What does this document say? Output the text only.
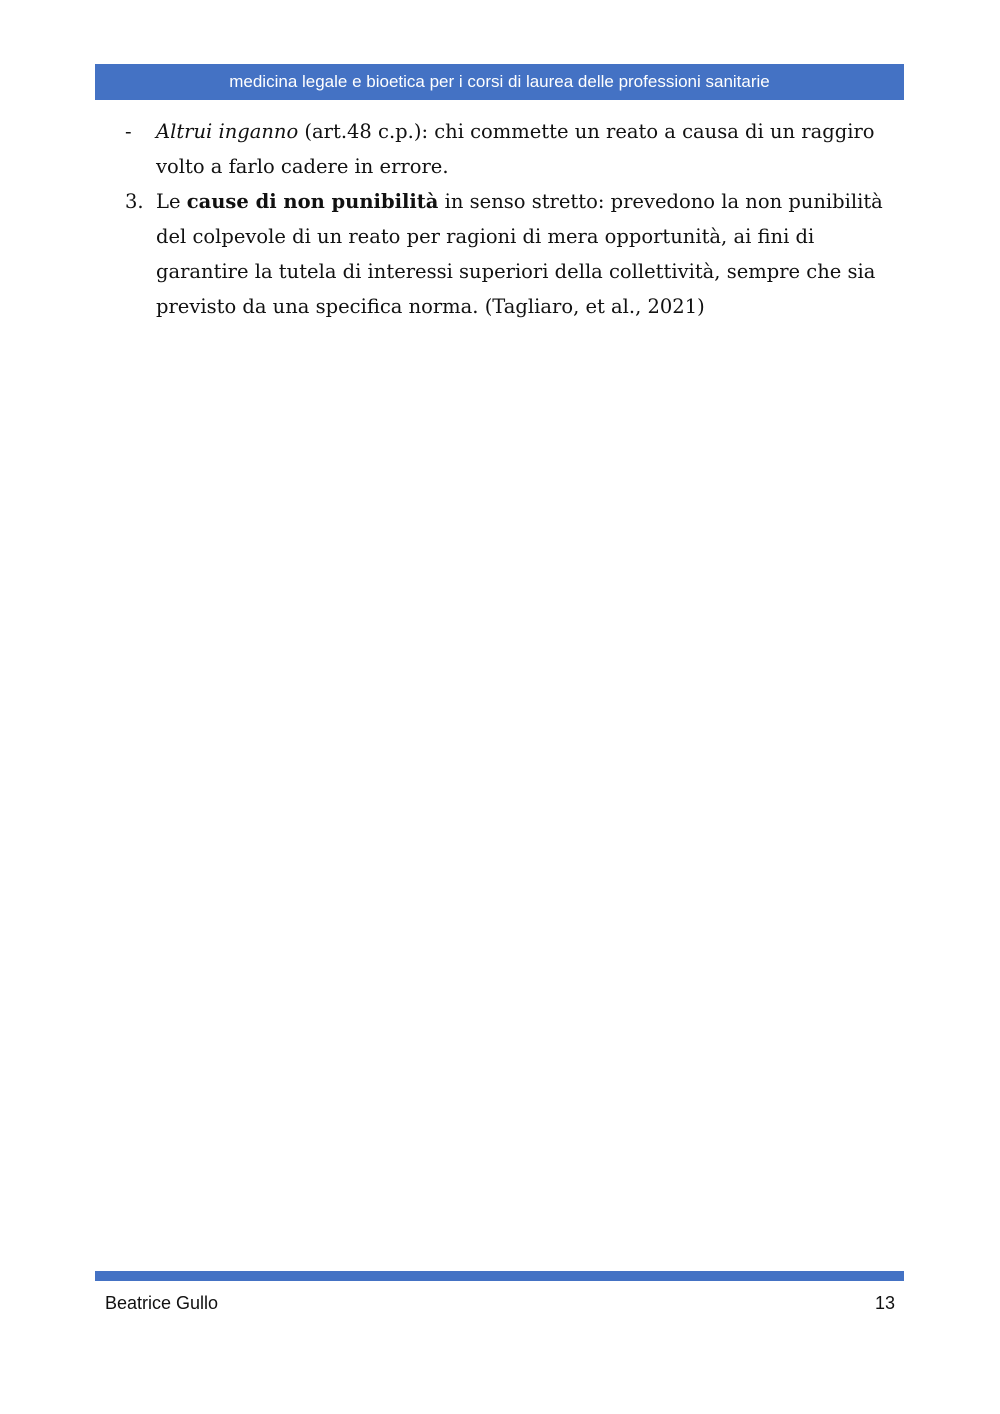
medicina legale e bioetica per i corsi di laurea delle professioni sanitarie
- Altrui inganno (art.48 c.p.): chi commette un reato a causa di un raggiro volto a farlo cadere in errore.
3. Le cause di non punibilità in senso stretto: prevedono la non punibilità del colpevole di un reato per ragioni di mera opportunità, ai fini di garantire la tutela di interessi superiori della collettività, sempre che sia previsto da una specifica norma. (Tagliaro, et al., 2021)
Beatrice Gullo	13
